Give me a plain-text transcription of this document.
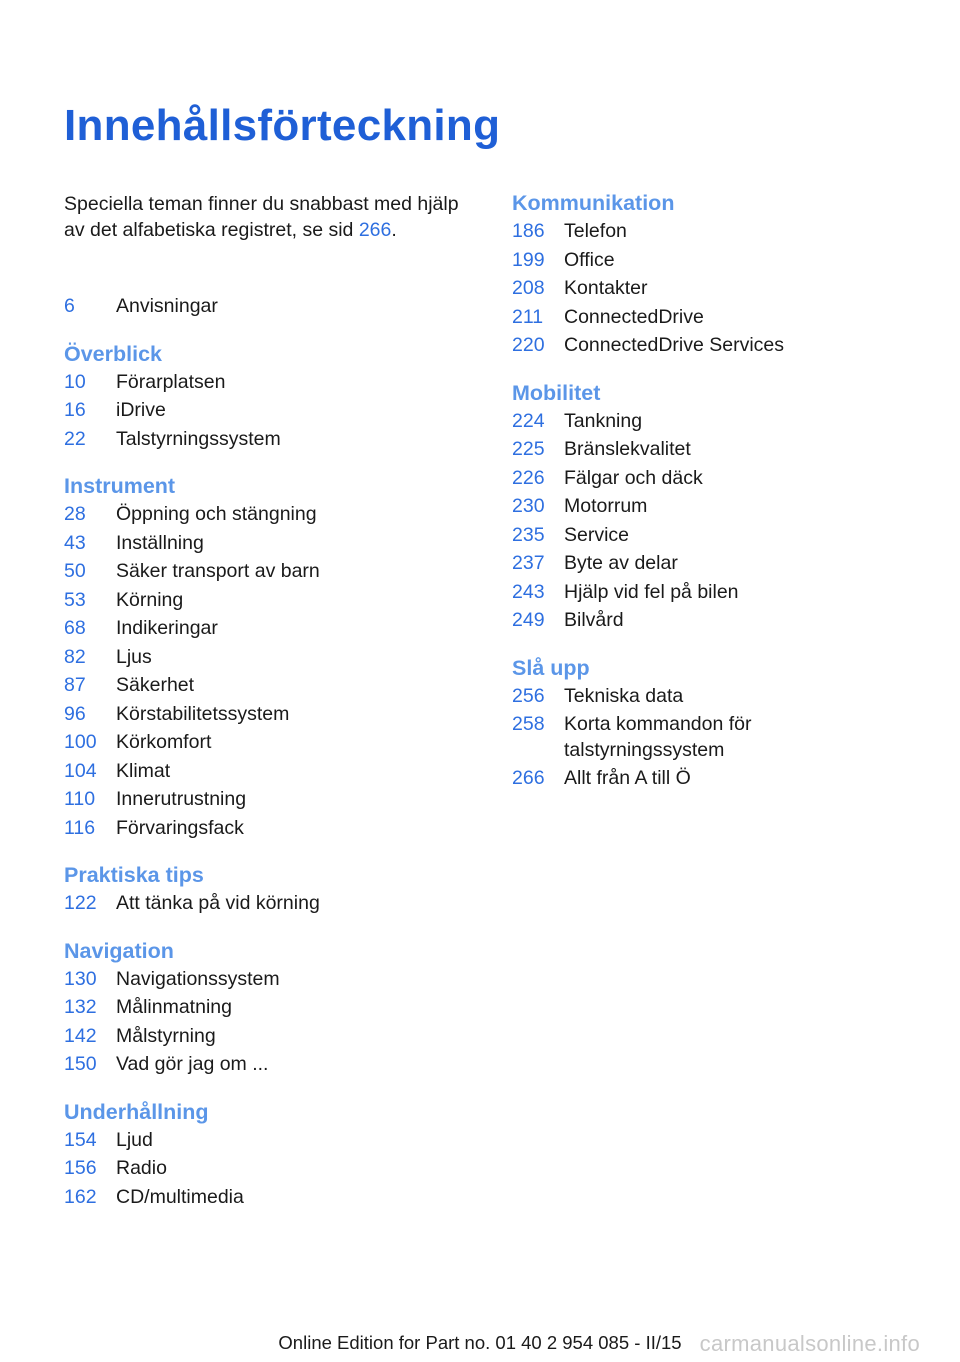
Innehållsförteckning

Speciella teman finner du snabbast med hjälp av det alfabetiska registret, se sid 266.

6	Anvisningar
Överblick
10	Förarplatsen
16	iDrive
22	Talstyrningssystem
Instrument
28	Öppning och stängning
43	Inställning
50	Säker transport av barn
53	Körning
68	Indikeringar
82	Ljus
87	Säkerhet
96	Körstabilitetssystem
100 Körkomfort
104 Klimat
110	Innerutrustning
116	Förvaringsfack
Praktiska tips
122 Att tänka på vid körning
Navigation
130 Navigationssystem
132 Målinmatning
142 Målstyrning
150 Vad gör jag om ...
Underhållning
154 Ljud
156 Radio
162 CD/multimedia
Kommunikation
186 Telefon
199 Office
208 Kontakter
211	ConnectedDrive
220 ConnectedDrive Services
Mobilitet
224 Tankning
225 Bränslekvalitet
226 Fälgar och däck
230 Motorrum
235 Service
237 Byte av delar
243 Hjälp vid fel på bilen
249 Bilvård
Slå upp
256 Tekniska data
258 Korta kommandon för
talstyrningssystem
266 Allt från A till Ö
Online Edition for Part no. 01 40 2 954 085 - II/15 carmanualsonline.info
